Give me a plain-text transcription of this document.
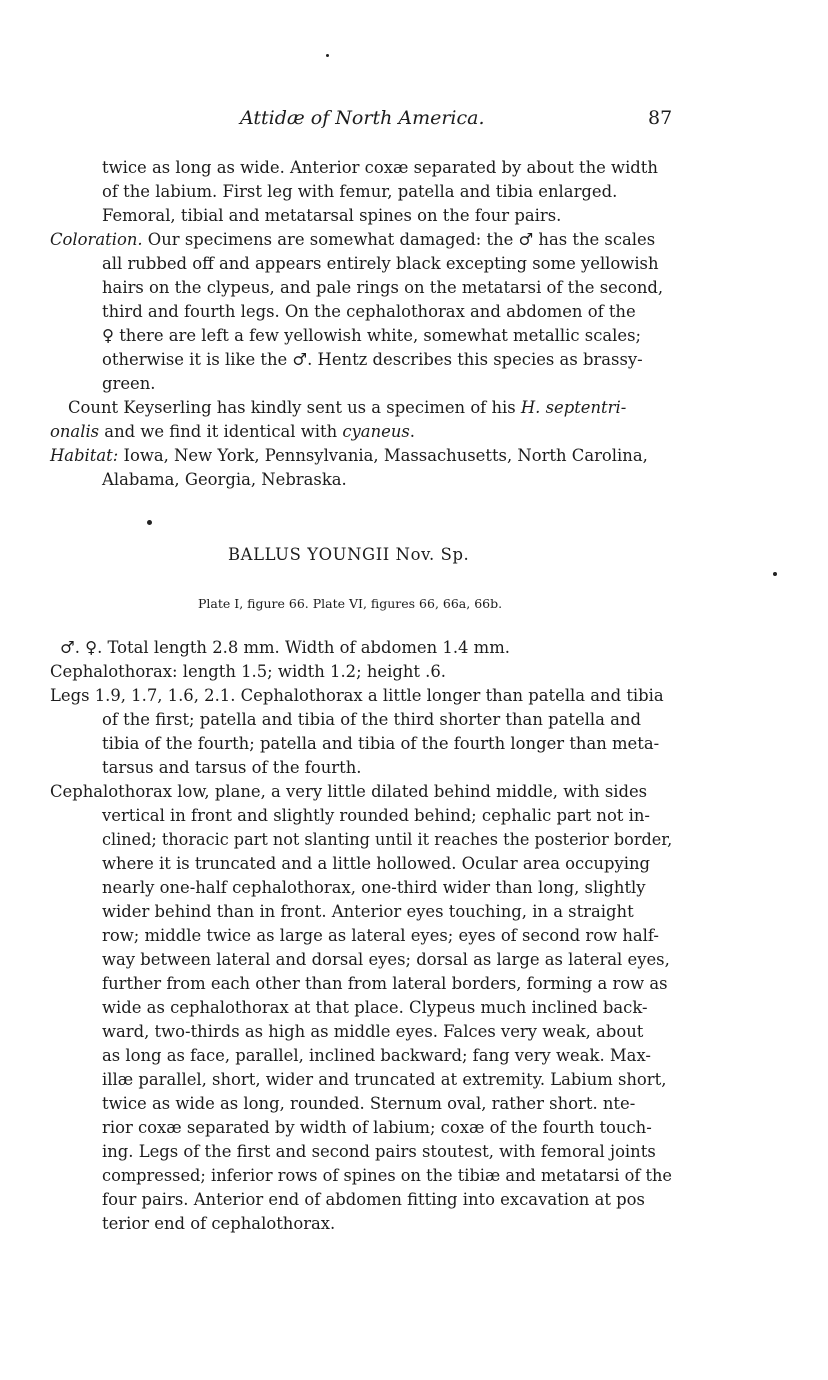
Attidæ of North America.	87
twice as long as wide. Anterior coxæ separated by about the width
of the labium. First leg with femur, patella and tibia enlarged.
Femoral, tibial and metatarsal spines on the four pairs.
Coloration. Our specimens are somewhat damaged: the ♂ has the scales
all rubbed off and appears entirely black excepting some yellowish
hairs on the clypeus, and pale rings on the metatarsi of the second,
third and fourth legs. On the cephalothorax and abdomen of the
♀ there are left a few yellowish white, somewhat metallic scales;
otherwise it is like the ♂. Hentz describes this species as brassy-
green.
Count Keyserling has kindly sent us a specimen of his H. septentri-
onalis and we find it identical with cyaneus.
Habitat: Iowa, New York, Pennsylvania, Massachusetts, North Carolina,
Alabama, Georgia, Nebraska.
BALLUS YOUNGII Nov. Sp.
Plate I, figure 66. Plate VI, figures 66, 66a, 66b.
♂. ♀. Total length 2.8 mm. Width of abdomen 1.4 mm.
Cephalothorax: length 1.5; width 1.2; height .6.
Legs 1.9, 1.7, 1.6, 2.1. Cephalothorax a little longer than patella and tibia
of the first; patella and tibia of the third shorter than patella and
tibia of the fourth; patella and tibia of the fourth longer than meta-
tarsus and tarsus of the fourth.
Cephalothorax low, plane, a very little dilated behind middle, with sides
vertical in front and slightly rounded behind; cephalic part not in-
clined; thoracic part not slanting until it reaches the posterior border,
where it is truncated and a little hollowed. Ocular area occupying
nearly one-half cephalothorax, one-third wider than long, slightly
wider behind than in front. Anterior eyes touching, in a straight
row; middle twice as large as lateral eyes; eyes of second row half-
way between lateral and dorsal eyes; dorsal as large as lateral eyes,
further from each other than from lateral borders, forming a row as
wide as cephalothorax at that place. Clypeus much inclined back-
ward, two-thirds as high as middle eyes. Falces very weak, about
as long as face, parallel, inclined backward; fang very weak. Max-
illæ parallel, short, wider and truncated at extremity. Labium short,
twice as wide as long, rounded. Sternum oval, rather short. nte-
rior coxæ separated by width of labium; coxæ of the fourth touch-
ing. Legs of the first and second pairs stoutest, with femoral joints
compressed; inferior rows of spines on the tibiæ and metatarsi of the
four pairs. Anterior end of abdomen fitting into excavation at pos
terior end of cephalothorax.
